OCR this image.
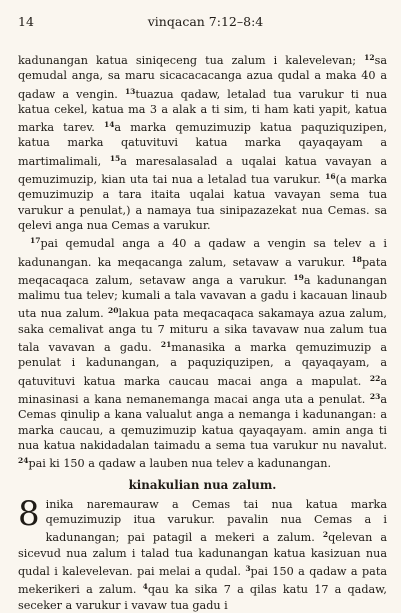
14	vinqacan 7:12–8:4

kadunangan katua siniqeceng tua zalum i kalevelevan; $^{12}$sa qemudal anga, sa maru sicacacacanga azua qudal a maka 40 a qadaw a vengin. $^{13}$tuazua qadaw, letalad tua varukur ti nua katua cekel, katua ma 3 a alak a ti sim, ti ham kati yapit, katua marka tarev. $^{14}$a marka qemuzimuzip katua paquziquzipen, katua marka qatuvituvi katua marka qayaqayam a martimalimali, $^{15}$a maresalasalad a uqalai katua vavayan a qemuzimuzip, kian uta tai nua a letalad tua varukur. $^{16}$(a marka qemuzimuzip a tara itaita uqalai katua vavayan sema tua varukur a penulat,) a namaya tua sinipazazekat nua Cemas. sa qelevi anga nua Cemas a varukur.

$^{17}$pai qemudal anga a 40 a qadaw a vengin sa telev a i kadunangan. ka meqacanga zalum, setavaw a varukur. $^{18}$pata meqacaqaca zalum, setavaw anga a varukur. $^{19}$a kadunangan malimu tua telev; kumali a tala vavavan a gadu i kacauan linaub uta nua zalum. $^{20}$lakua pata meqacaqaca sakamaya azua zalum, saka cemalivat anga tu 7 mituru a sika tavavaw nua zalum tua tala vavavan a gadu. $^{21}$manasika a marka qemuzimuzip a penulat i kadunangan, a paquziquzipen, a qayaqayam, a qatuvituvi katua marka caucau macai anga a mapulat. $^{22}$a minasinasi a kana nemanemanga macai anga uta a penulat. $^{23}$a Cemas qinulip a kana valualut anga a nemanga i kadunangan: a marka caucau, a qemuzimuzip katua qayaqayam. amin anga ti nua katua nakidadalan taimadu a sema tua varukur nu navalut. $^{24}$pai ki 150 a qadaw a lauben nua telev a kadunangan.

kinakulian nua zalum.

8 inika naremauraw a Cemas tai nua katua marka qemuzimuzip itua varukur. pavalin nua Cemas a i kadunangan; pai patagil a mekeri a zalum. $^2$qelevan a sicevud nua zalum i talad tua kadunangan katua kasizuan nua qudal i kalevelevan. pai melai a qudal. $^3$pai 150 a qadaw a pata mekerikeri a zalum. $^4$qau ka sika 7 a qilas katu 17 a qadaw, seceker a varukur i vavaw tua gadu i
